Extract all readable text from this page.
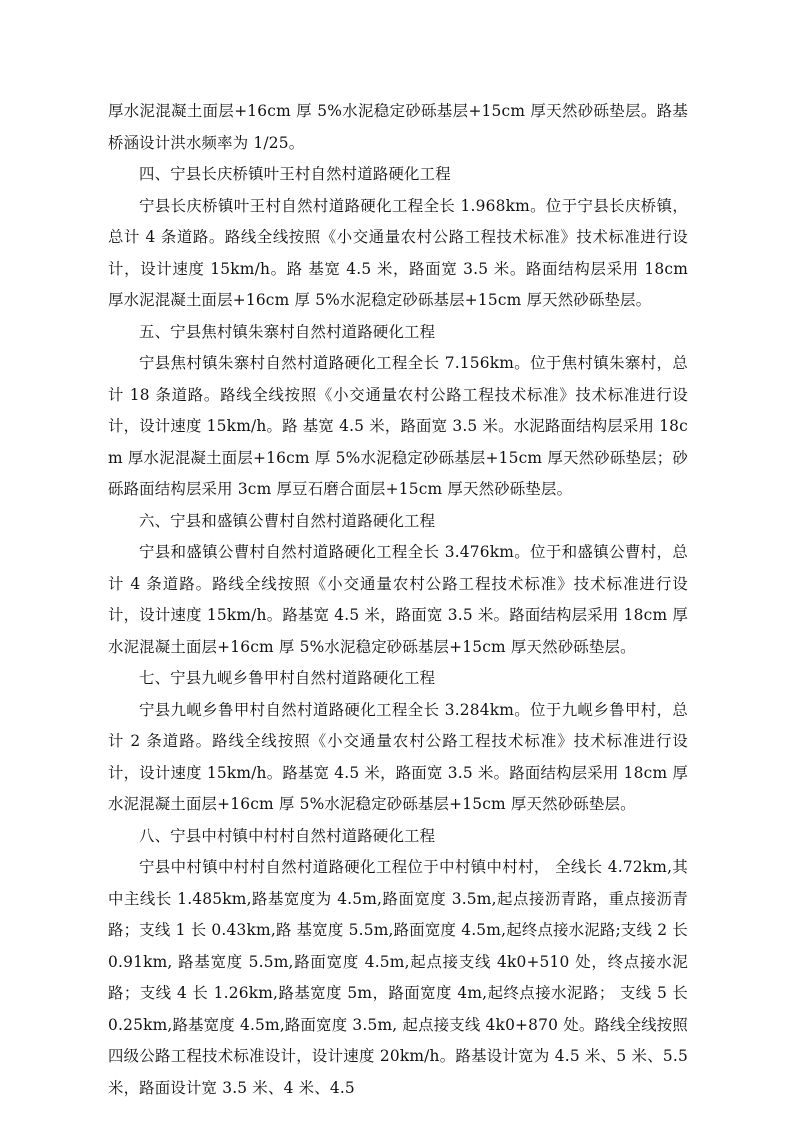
厚水泥混凝土面层+16cm 厚 5%水泥稳定砂砾基层+15cm 厚天然砂砾垫层。路基桥涵设计洪水频率为 1/25。

四、宁县长庆桥镇叶王村自然村道路硬化工程

宁县长庆桥镇叶王村自然村道路硬化工程全长 1.968km。位于宁县长庆桥镇，总计 4 条道路。路线全线按照《小交通量农村公路工程技术标准》技术标准进行设计，设计速度 15km/h。路 基宽 4.5 米，路面宽 3.5 米。路面结构层采用 18cm 厚水泥混凝土面层+16cm 厚 5%水泥稳定砂砾基层+15cm 厚天然砂砾垫层。

五、宁县焦村镇朱寨村自然村道路硬化工程

宁县焦村镇朱寨村自然村道路硬化工程全长 7.156km。位于焦村镇朱寨村，总计 18 条道路。路线全线按照《小交通量农村公路工程技术标准》技术标准进行设计，设计速度 15km/h。路 基宽 4.5 米，路面宽 3.5 米。水泥路面结构层采用 18cm 厚水泥混凝土面层+16cm 厚 5%水泥稳定砂砾基层+15cm 厚天然砂砾垫层；砂砾路面结构层采用 3cm 厚豆石磨合面层+15cm 厚天然砂砾垫层。

六、宁县和盛镇公曹村自然村道路硬化工程

宁县和盛镇公曹村自然村道路硬化工程全长 3.476km。位于和盛镇公曹村，总计 4 条道路。路线全线按照《小交通量农村公路工程技术标准》技术标准进行设计，设计速度 15km/h。路基宽 4.5 米，路面宽 3.5 米。路面结构层采用 18cm 厚水泥混凝土面层+16cm 厚 5%水泥稳定砂砾基层+15cm 厚天然砂砾垫层。

七、宁县九岘乡鲁甲村自然村道路硬化工程

宁县九岘乡鲁甲村自然村道路硬化工程全长 3.284km。位于九岘乡鲁甲村，总计 2 条道路。路线全线按照《小交通量农村公路工程技术标准》技术标准进行设计，设计速度 15km/h。路基宽 4.5 米，路面宽 3.5 米。路面结构层采用 18cm 厚水泥混凝土面层+16cm 厚 5%水泥稳定砂砾基层+15cm 厚天然砂砾垫层。

八、宁县中村镇中村村自然村道路硬化工程

宁县中村镇中村村自然村道路硬化工程位于中村镇中村村， 全线长 4.72km,其中主线长 1.485km,路基宽度为 4.5m,路面宽度 3.5m,起点接沥青路，重点接沥青路；支线 1 长 0.43km,路 基宽度 5.5m,路面宽度 4.5m,起终点接水泥路;支线 2 长 0.91km, 路基宽度 5.5m,路面宽度 4.5m,起点接支线 4k0+510 处，终点接水泥路；支线 4 长 1.26km,路基宽度 5m，路面宽度 4m,起终点接水泥路； 支线 5 长 0.25km,路基宽度 4.5m,路面宽度 3.5m, 起点接支线 4k0+870 处。路线全线按照四级公路工程技术标准设计，设计速度 20km/h。路基设计宽为 4.5 米、5 米、5.5 米，路面设计宽 3.5 米、4 米、4.5
